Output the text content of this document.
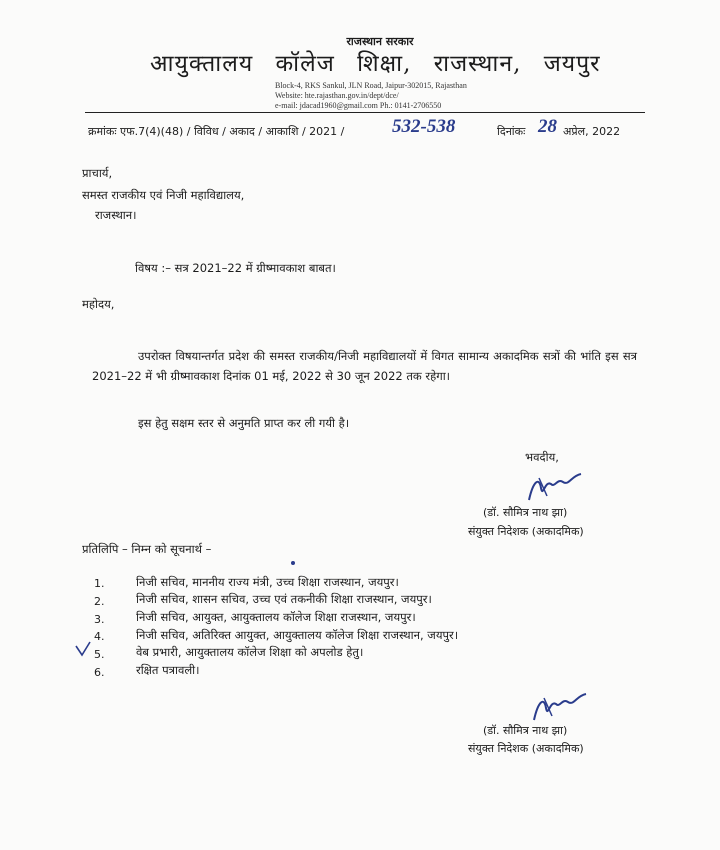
राजस्थान सरकार
आयुक्तालय कॉलेज शिक्षा, राजस्थान, जयपुर
Block-4, RKS Sankul, JLN Road, Jaipur-302015, Rajasthan
Website: hte.rajasthan.gov.in/dept/dce/
e-mail: jdacad1960@gmail.com Ph.: 0141-2706550
क्रमांकः एफ.7(4)(48) / विविध / अकाद / आकाशि / 2021 /	532-538	दिनांकः 28 अप्रेल, 2022
प्राचार्य,
समस्त राजकीय एवं निजी महाविद्यालय,
राजस्थान।
विषय :– सत्र 2021–22 में ग्रीष्मावकाश बाबत।
महोदय,
उपरोक्त विषयान्तर्गत प्रदेश की समस्त राजकीय/निजी महाविद्यालयों में विगत सामान्य अकादमिक सत्रों की भांति इस सत्र 2021–22 में भी ग्रीष्मावकाश दिनांक 01 मई, 2022 से 30 जून 2022 तक रहेगा।
इस हेतु सक्षम स्तर से अनुमति प्राप्त कर ली गयी है।
भवदीय,
(डॉ. सौमित्र नाथ झा)
संयुक्त निदेशक (अकादमिक)
प्रतिलिपि – निम्न को सूचनार्थ –
1.	निजी सचिव, माननीय राज्य मंत्री, उच्च शिक्षा राजस्थान, जयपुर।
2.	निजी सचिव, शासन सचिव, उच्च एवं तकनीकी शिक्षा राजस्थान, जयपुर।
3.	निजी सचिव, आयुक्त, आयुक्तालय कॉलेज शिक्षा राजस्थान, जयपुर।
4.	निजी सचिव, अतिरिक्त आयुक्त, आयुक्तालय कॉलेज शिक्षा राजस्थान, जयपुर।
5.	वेब प्रभारी, आयुक्तालय कॉलेज शिक्षा को अपलोड हेतु।
6.	रक्षित पत्रावली।
(डॉ. सौमित्र नाथ झा)
संयुक्त निदेशक (अकादमिक)
